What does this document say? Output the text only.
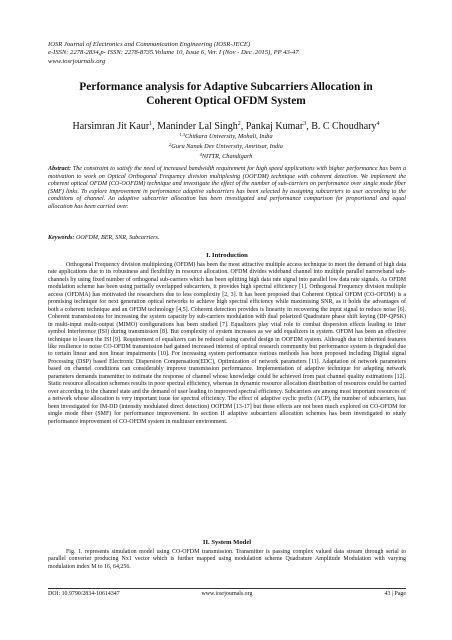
IOSR Journal of Electronics and Communication Engineering (IOSR-JECE)
e-ISSN: 2278-2834,p- ISSN: 2278-8735.Volume 10, Issue 6, Ver. I (Nov - Dec .2015), PP 43-47
www.iosrjournals.org
Performance analysis for Adaptive Subcarriers Allocation in
Coherent Optical OFDM System
Harsimran Jit Kaur$^1$, Maninder Lal Singh$^2$, Pankaj Kumar$^3$, B. C Choudhary$^4$
$^{1,3}$Chitkara University, Mohali, India
$^2$Guru Nanak Dev University, Amritsar, India
$^4$NITTR, Chandigarh
Abstract: The constraint to satisfy the need of increased bandwidth requirement for high speed applications with higher performance has been a motivation to work on Optical Orthogonal Frequency division multiplexing (OOFDM) technique with coherent detection. We implement the coherent optical OFDM (CO-OOFDM) technique and investigate the effect of the number of sub-carriers on performance over single mode fiber (SMF) links. To explore improvement in performance adaptive subcarriers has been selected by assigning subcarriers to user according to the conditions of channel. An adaptive subcarrier allocation has been investigated and performance comparison for proportional and equal allocation has been carried over.
Keywords: OOFDM, BER, SNR, Subcarriers.
I. Introduction
Orthogonal Frequency division multiplexing (OFDM) has been the most attractive multiple access technique to meet the demand of high data rate applications due to its robustness and flexibility in resource allocation. OFDM divides wideband channel into multiple parallel narrowband sub-channels by using fixed number of orthogonal sub-carriers which has been splitting high data rate signal into parallel low data rate signals. As OFDM modulation scheme has been using partially overlapped subcarriers, it provides high spectral efficiency [1]. Orthogonal Frequency division multiple access (OFDMA) has motivated the researchers due to less complexity [2, 3]. It has been proposed that Coherent Optical OFDM (CO-OFDM) is a promising technique for next generation optical networks to achieve high spectral efficiency while maximising SNR, as it holds the advantages of both a coherent technique and an OFDM technology [4,5]. Coherent detection provides is linearity in recovering the input signal to reduce noise [6]. Coherent transmissions for increasing the system capacity by sub-carriers modulation with dual polarized Quadrature phase shift keying (DP-QPSK) in multi-input multi-output (MIMO) configurations has been studied [7]. Equalizers play vital role to combat dispersion effects leading to Inter symbol Interference (ISI) during transmission [8]. But complexity of system increases as we add equalizers in system. OFDM has been an effective technique to lessen the ISI [9]. Requirement of equalizers can be reduced using careful design in OOFDM system. Although due to inherited features like resilience to noise CO-OFDM transmission had gained increased interest of optical research community but performance system is degraded due to certain linear and non linear impairments [10]. For increasing system performance various methods has been proposed including Digital signal Processing (DSP) based Electronic Dispersion Compensation(EDC), Optimization of network parameters [11]. Adaptation of network parameters based on channel conditions can considerably improve transmission performance. Implementation of adaptive technique for adapting network parameters demands transmitter to estimate the response of channel whose knowledge could be achieved from past channel quality estimations [12]. Static resource allocation schemes results in poor spectral efficiency, whereas in dynamic resource allocation distribution of resources could be carried over according to the channel state and the demand of user leading to improved spectral efficiency. Subcarriers are among most important resources of a network whose allocation is very important issue for spectral efficiency. The effect of adaptive cyclic prefix (ACP), the number of subcarriers, has been investigated for IM-DD (intensity modulated direct detection) OOFDM [13-17] but these effects are not been much explored on CO-OFDM for single mode fiber (SMF) for performance improvement. In section II adaptive subcarriers allocation schemes has been investigated to study performance improvement of CO-OFDM system in multiuser environment.
II. System Model
Fig. 1. represents simulation model using CO-OFDM transmission. Transmitter is passing complex valued data stream through serial to parallel converter producing Nx1 vector which is further mapped using modulation scheme Quadrature Amplitude Modulation with varying modulation index M to 16, 64,256.
DOI: 10.9790/2834-10614347	www.iosrjournals.org	43 | Page
